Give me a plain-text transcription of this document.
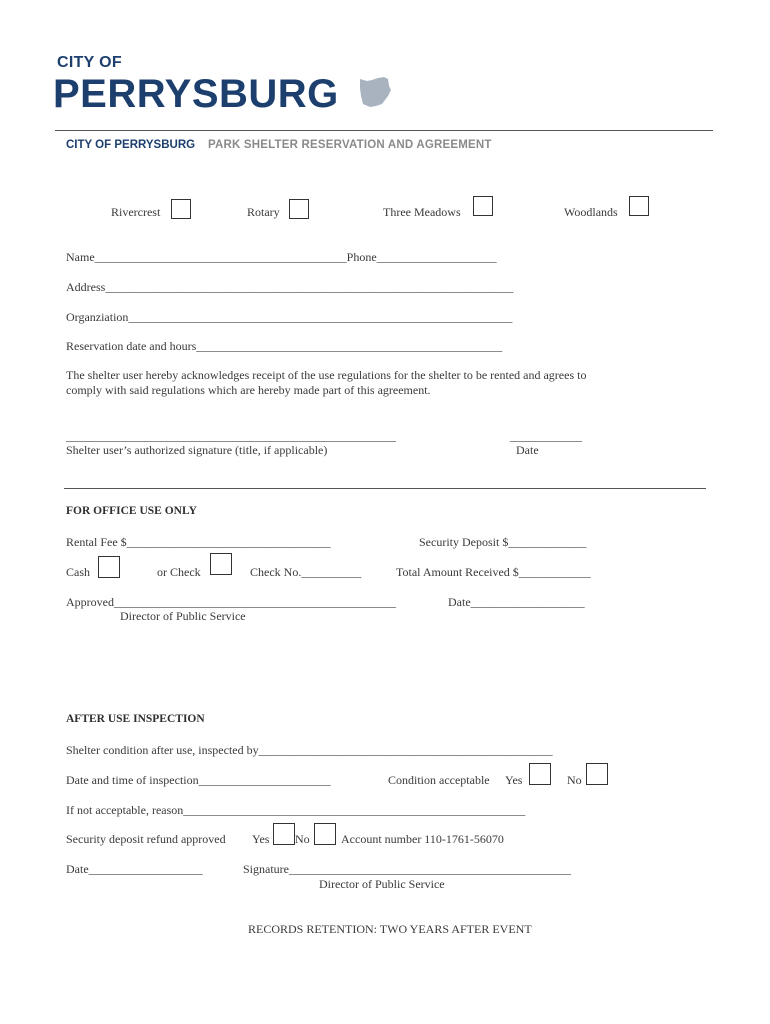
CITY OF
PERRYSBURG
CITY OF PERRYSBURG PARK SHELTER RESERVATION AND AGREEMENT
Rivercrest	Rotary	Three Meadows	Woodlands
Name__________________________________________Phone____________________
Address____________________________________________________________________
Organziation________________________________________________________________
Reservation date and hours___________________________________________________
The shelter user hereby acknowledges receipt of the use regulations for the shelter to be rented and agrees to
comply with said regulations which are hereby made part of this agreement.
_______________________________________________________	____________
Shelter user’s authorized signature (title, if applicable)	Date
FOR OFFICE USE ONLY
Rental Fee $__________________________________	Security Deposit $_____________
Cash	or Check	Check No.__________	Total Amount Received $____________
Approved_______________________________________________	Date___________________
Director of Public Service
AFTER USE INSPECTION
Shelter condition after use, inspected by_________________________________________________
Date and time of inspection______________________	Condition acceptable Yes	No
If not acceptable, reason_________________________________________________________
Security deposit refund approved Yes No	Account number 110-1761-56070
Date___________________	Signature_______________________________________________
Director of Public Service
RECORDS RETENTION: TWO YEARS AFTER EVENT
